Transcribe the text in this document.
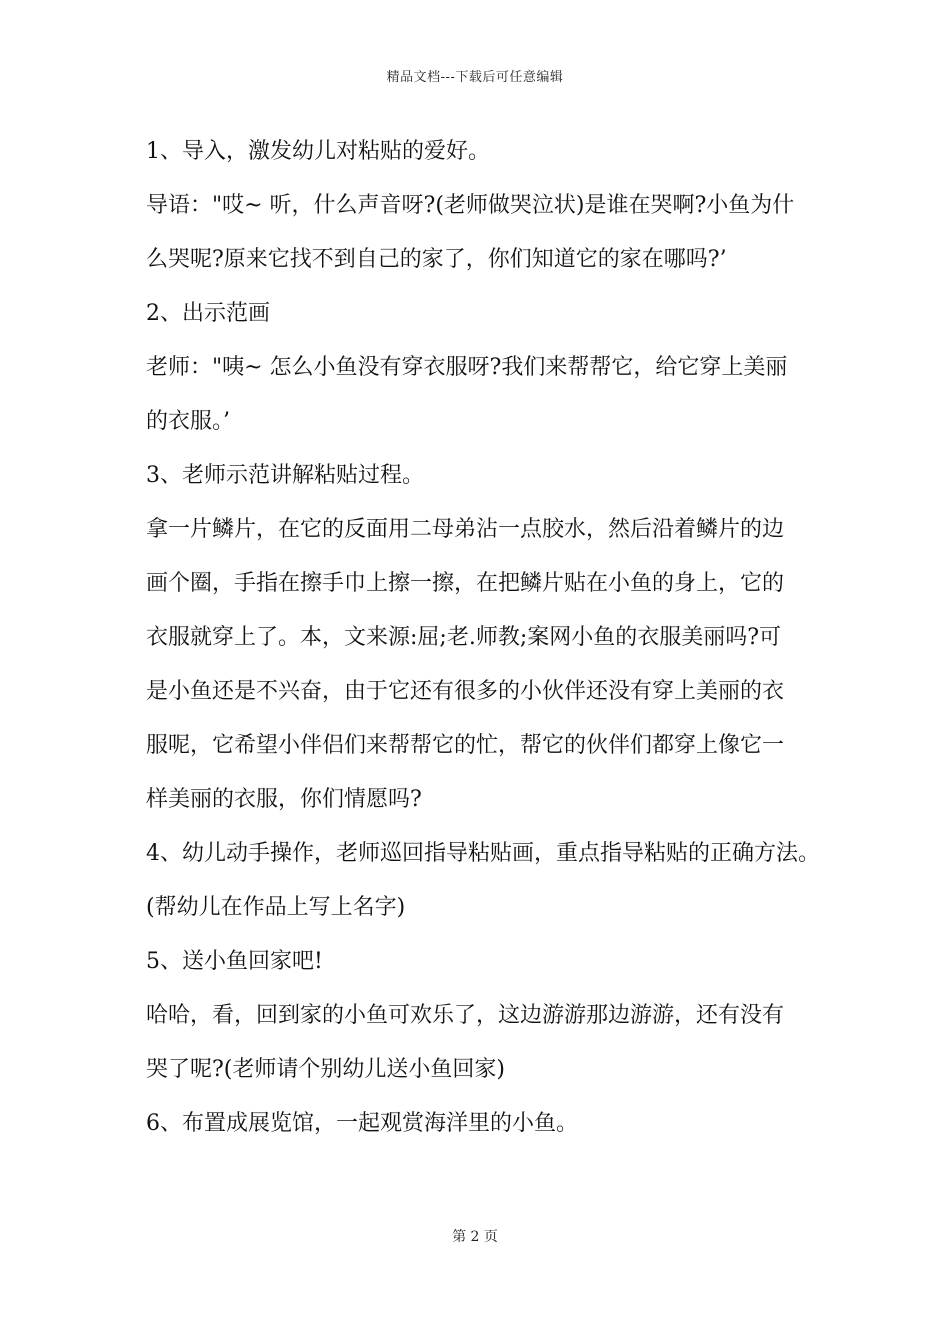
精品文档---下载后可任意编辑
1、导入，激发幼儿对粘贴的爱好。
导语："哎~ 听，什么声音呀?(老师做哭泣状)是谁在哭啊?小鱼为什
么哭呢?原来它找不到自己的家了，你们知道它的家在哪吗?’
2、出示范画
老师："咦~ 怎么小鱼没有穿衣服呀?我们来帮帮它，给它穿上美丽
的衣服。’
3、老师示范讲解粘贴过程。
拿一片鳞片，在它的反面用二母弟沾一点胶水，然后沿着鳞片的边
画个圈，手指在擦手巾上擦一擦，在把鳞片贴在小鱼的身上，它的
衣服就穿上了。本，文来源:屈;老.师教;案网小鱼的衣服美丽吗?可
是小鱼还是不兴奋，由于它还有很多的小伙伴还没有穿上美丽的衣
服呢，它希望小伴侣们来帮帮它的忙，帮它的伙伴们都穿上像它一
样美丽的衣服，你们情愿吗?
4、幼儿动手操作，老师巡回指导粘贴画，重点指导粘贴的正确方法。
(帮幼儿在作品上写上名字)
5、送小鱼回家吧!
哈哈，看，回到家的小鱼可欢乐了，这边游游那边游游，还有没有
哭了呢?(老师请个别幼儿送小鱼回家)
6、布置成展览馆，一起观赏海洋里的小鱼。
第 2 页
